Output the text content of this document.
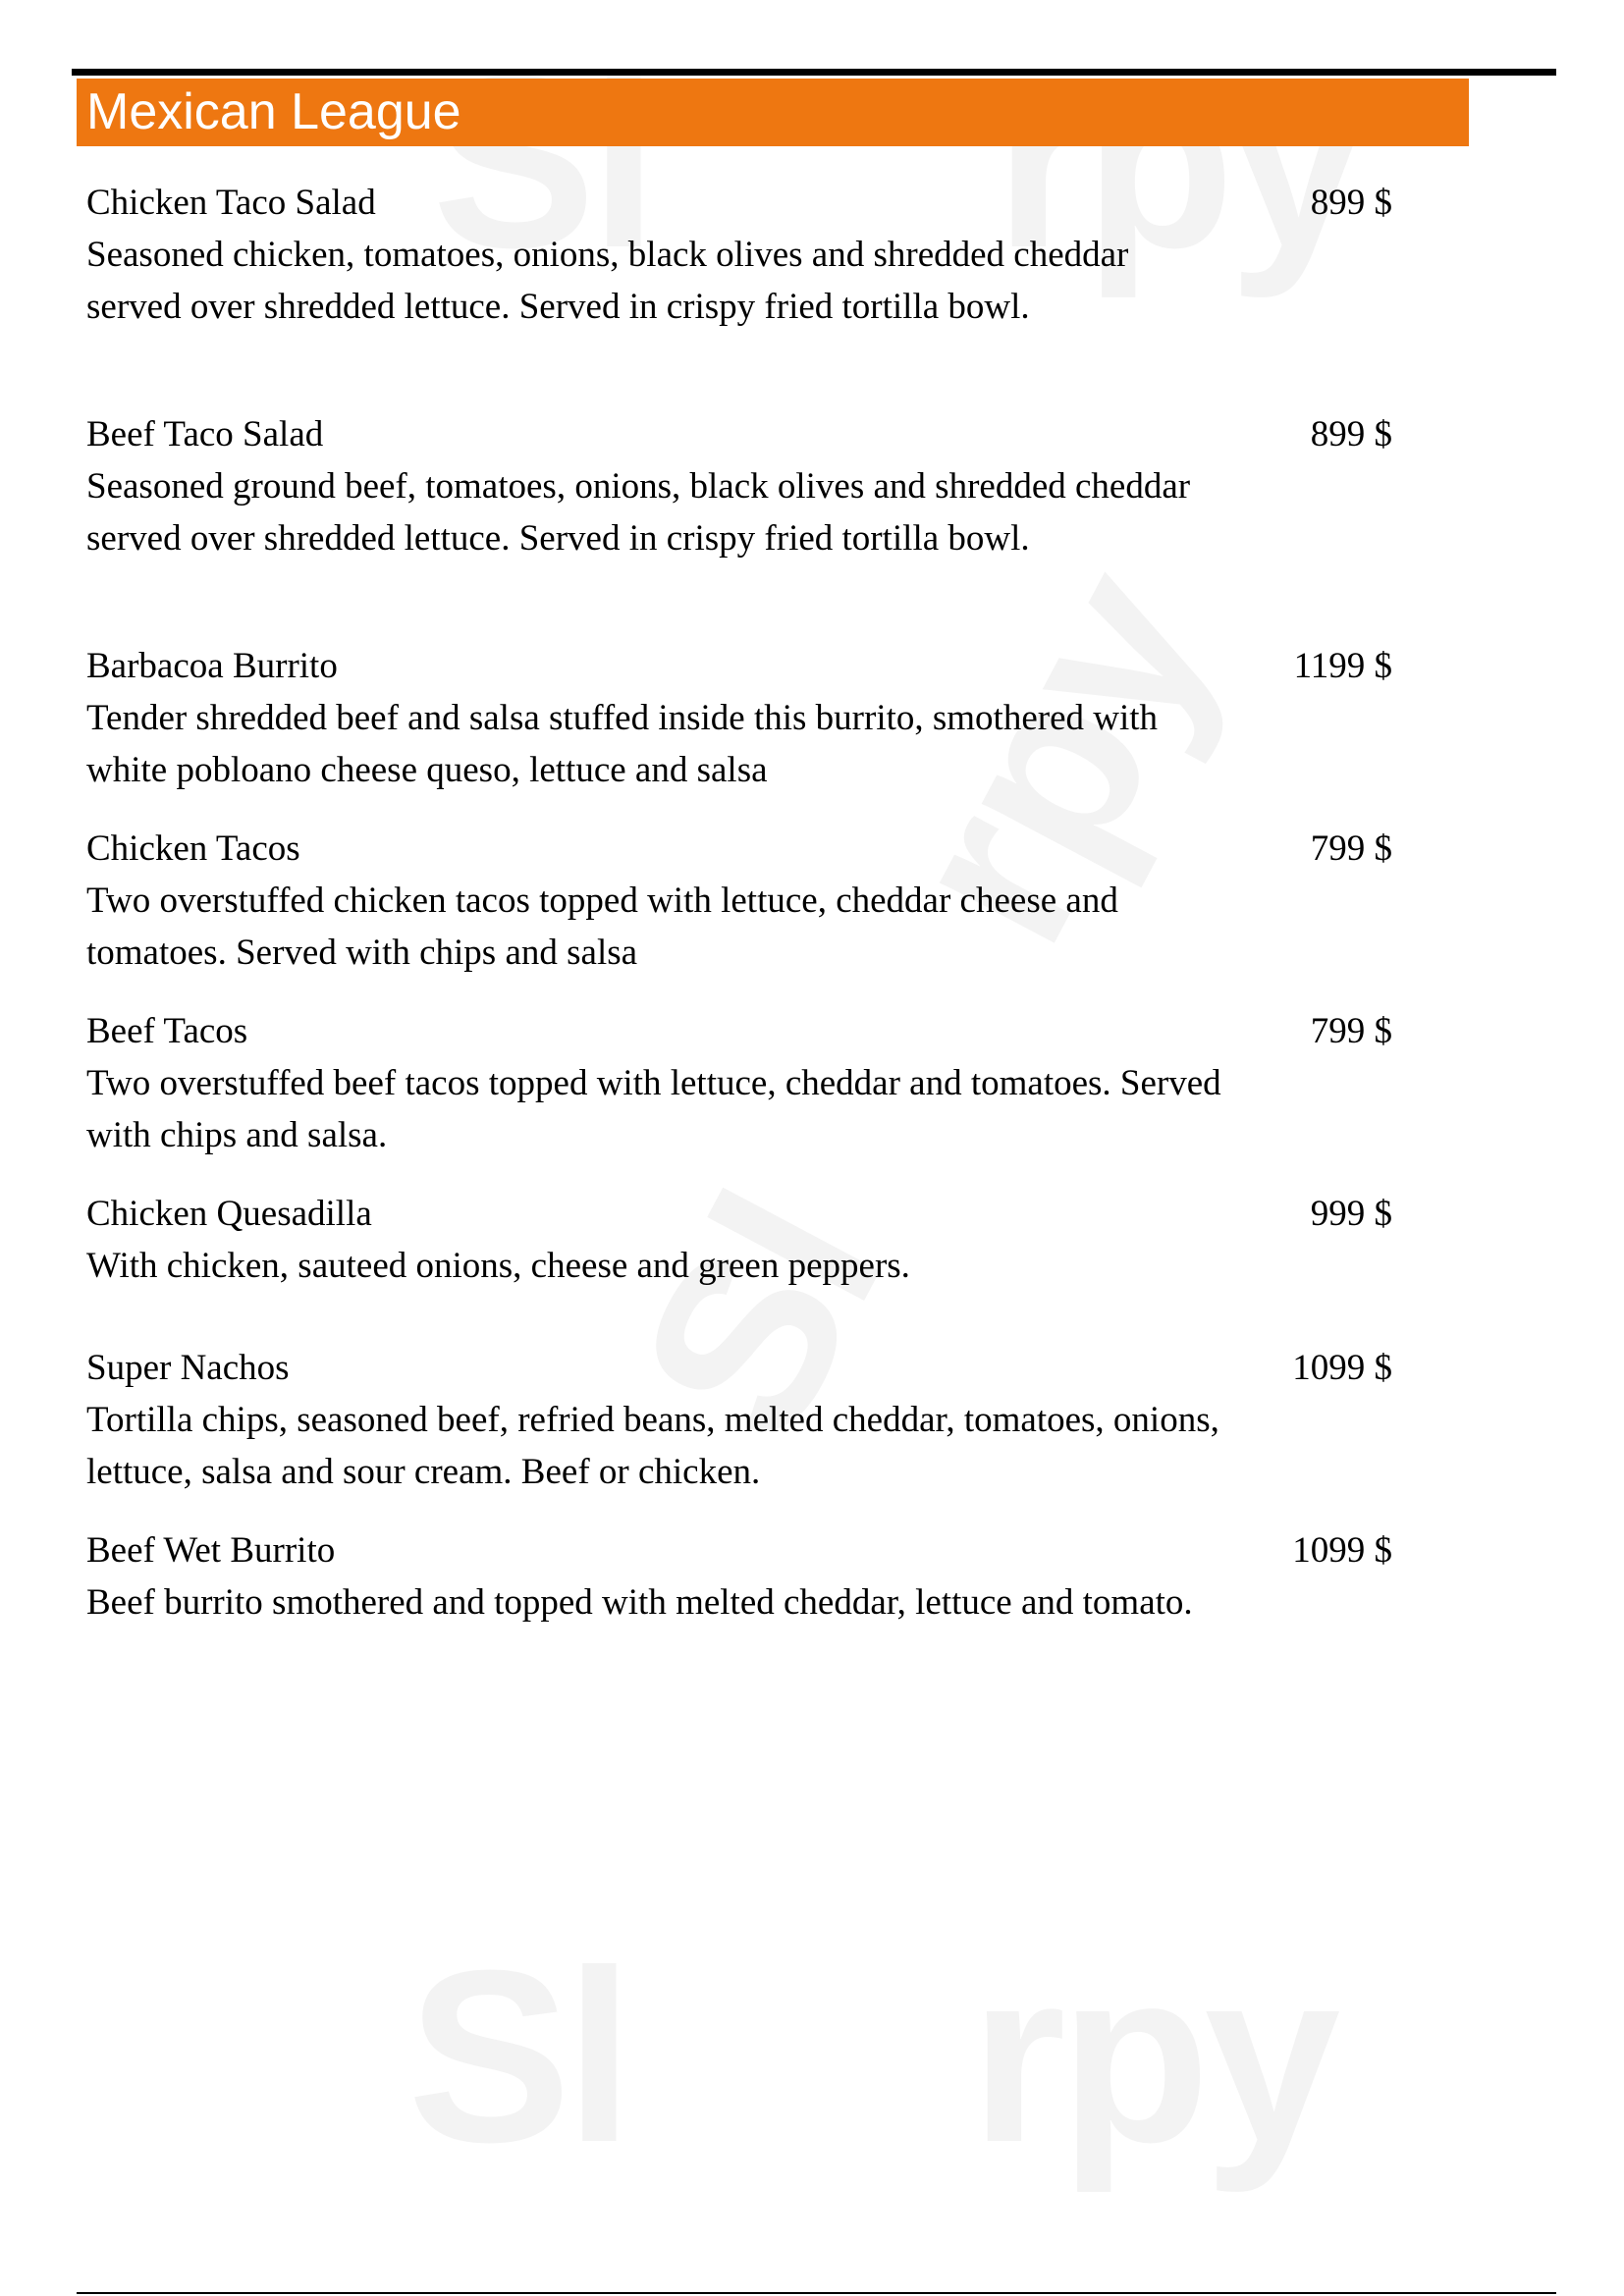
Mexican League
Chicken Taco Salad
Seasoned chicken, tomatoes, onions, black olives and shredded cheddar served over shredded lettuce. Served in crispy fried tortilla bowl.
899 $
Beef Taco Salad
Seasoned ground beef, tomatoes, onions, black olives and shredded cheddar served over shredded lettuce. Served in crispy fried tortilla bowl.
899 $
Barbacoa Burrito
Tender shredded beef and salsa stuffed inside this burrito, smothered with white pobloano cheese queso, lettuce and salsa
1199 $
Chicken Tacos
Two overstuffed chicken tacos topped with lettuce, cheddar cheese and tomatoes. Served with chips and salsa
799 $
Beef Tacos
Two overstuffed beef tacos topped with lettuce, cheddar and tomatoes. Served with chips and salsa.
799 $
Chicken Quesadilla
With chicken, sauteed onions, cheese and green peppers.
999 $
Super Nachos
Tortilla chips, seasoned beef, refried beans, melted cheddar, tomatoes, onions, lettuce, salsa and sour cream. Beef or chicken.
1099 $
Beef Wet Burrito
Beef burrito smothered and topped with melted cheddar, lettuce and tomato.
1099 $
